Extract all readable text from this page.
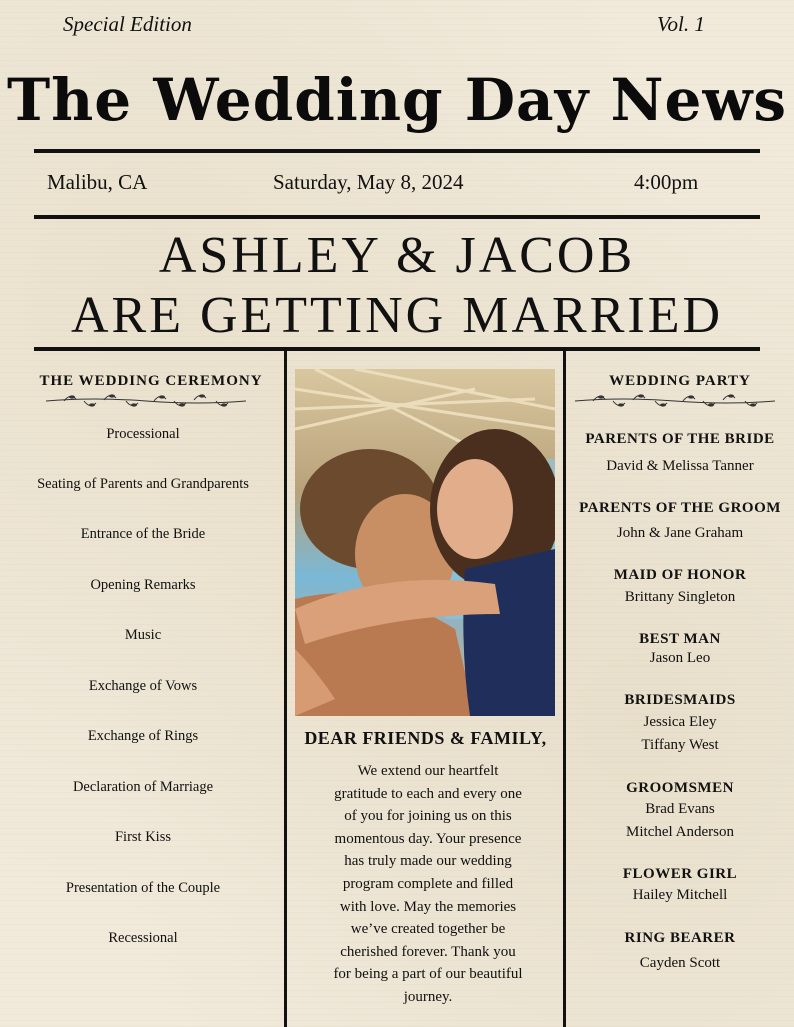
Special Edition	Vol. 1
The Wedding Day News
Malibu, CA	Saturday, May 8, 2024	4:00pm
ASHLEY & JACOB
ARE GETTING MARRIED
THE WEDDING CEREMONY
Processional
Seating of Parents and Grandparents
Entrance of the Bride
Opening Remarks
Music
Exchange of Vows
Exchange of Rings
Declaration of Marriage
First Kiss
Presentation of the Couple
Recessional
DEAR FRIENDS & FAMILY,
We extend our heartfelt
gratitude to each and every one
of you for joining us on this
momentous day. Your presence
has truly made our wedding
program complete and filled
with love. May the memories
we’ve created together be
cherished forever. Thank you
for being a part of our beautiful
journey.
WEDDING PARTY
PARENTS OF THE BRIDE
David & Melissa Tanner
PARENTS OF THE GROOM
John & Jane Graham
MAID OF HONOR
Brittany Singleton
BEST MAN
Jason Leo
BRIDESMAIDS
Jessica Eley
Tiffany West
GROOMSMEN
Brad Evans
Mitchel Anderson
FLOWER GIRL
Hailey Mitchell
RING BEARER
Cayden Scott
